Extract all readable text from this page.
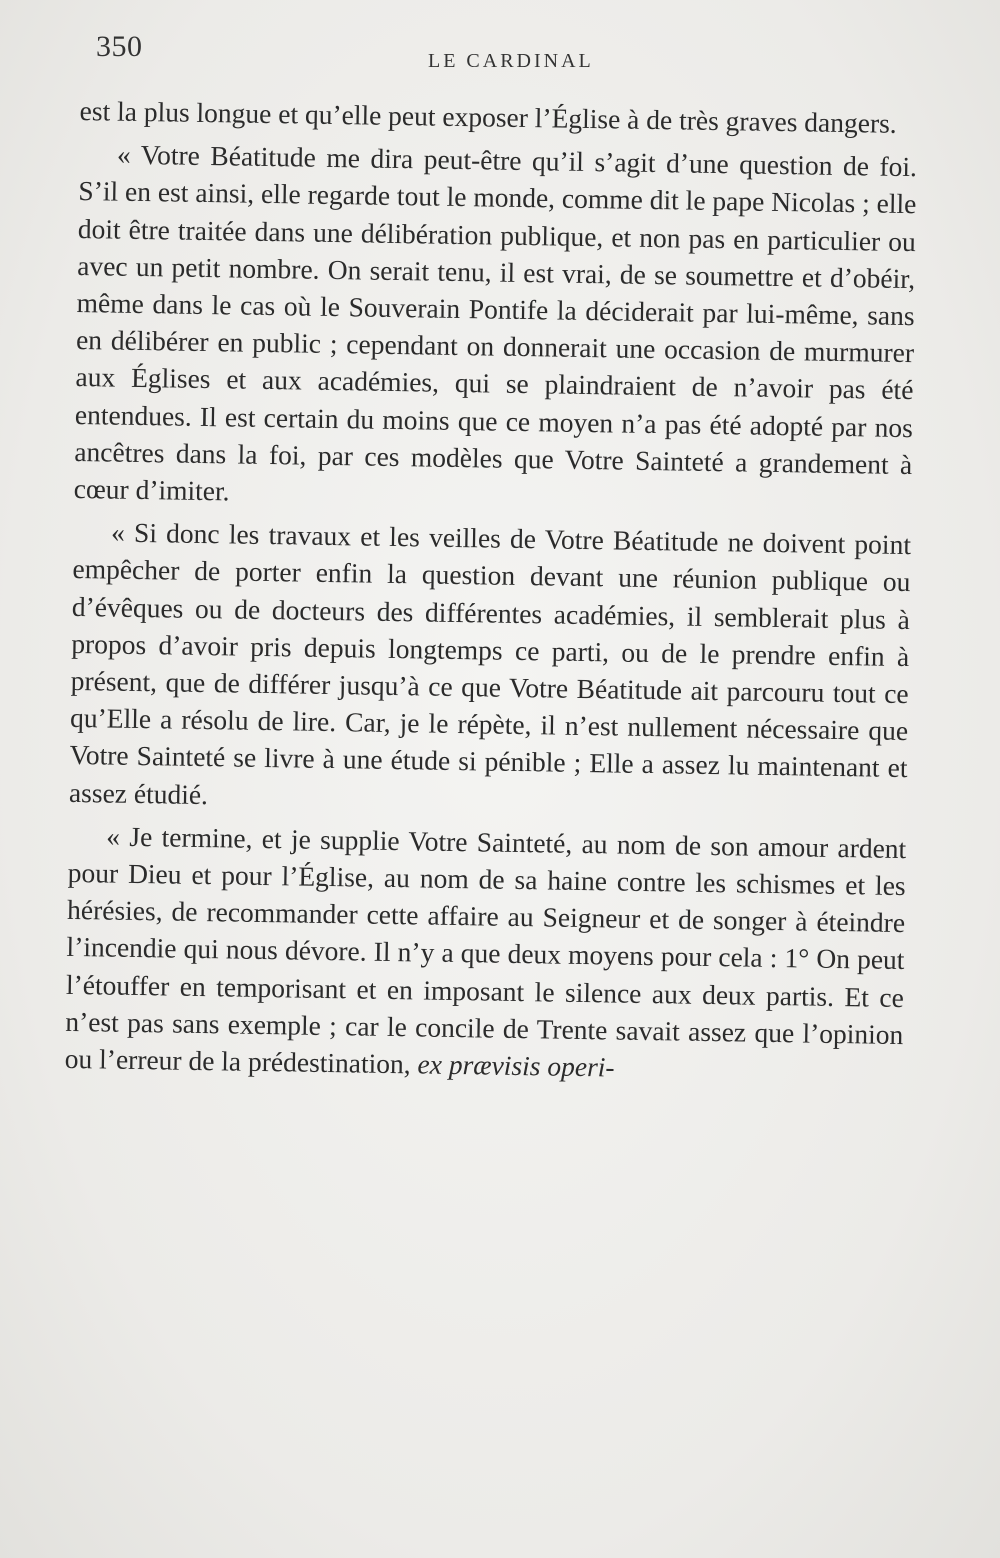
350	LE CARDINAL

est la plus longue et qu’elle peut exposer l’Église à de très graves dangers.

« Votre Béatitude me dira peut-être qu’il s’agit d’une question de foi. S’il en est ainsi, elle regarde tout le monde, comme dit le pape Nicolas ; elle doit être traitée dans une délibération publique, et non pas en particulier ou avec un petit nombre. On serait tenu, il est vrai, de se soumettre et d’obéir, même dans le cas où le Souverain Pontife la déciderait par lui-même, sans en délibérer en public ; cependant on donnerait une occasion de murmurer aux Églises et aux académies, qui se plaindraient de n’avoir pas été entendues. Il est certain du moins que ce moyen n’a pas été adopté par nos ancêtres dans la foi, par ces modèles que Votre Sainteté a grandement à cœur d’imiter.

« Si donc les travaux et les veilles de Votre Béatitude ne doivent point empêcher de porter enfin la question devant une réunion publique ou d’évêques ou de docteurs des différentes académies, il semblerait plus à propos d’avoir pris depuis longtemps ce parti, ou de le prendre enfin à présent, que de différer jusqu’à ce que Votre Béatitude ait parcouru tout ce qu’Elle a résolu de lire. Car, je le répète, il n’est nullement nécessaire que Votre Sainteté se livre à une étude si pénible ; Elle a assez lu maintenant et assez étudié.

« Je termine, et je supplie Votre Sainteté, au nom de son amour ardent pour Dieu et pour l’Église, au nom de sa haine contre les schismes et les hérésies, de recommander cette affaire au Seigneur et de songer à éteindre l’incendie qui nous dévore. Il n’y a que deux moyens pour cela : 1° On peut l’étouffer en temporisant et en imposant le silence aux deux partis. Et ce n’est pas sans exemple ; car le concile de Trente savait assez que l’opinion ou l’erreur de la prédestination, ex prævisis operi-
